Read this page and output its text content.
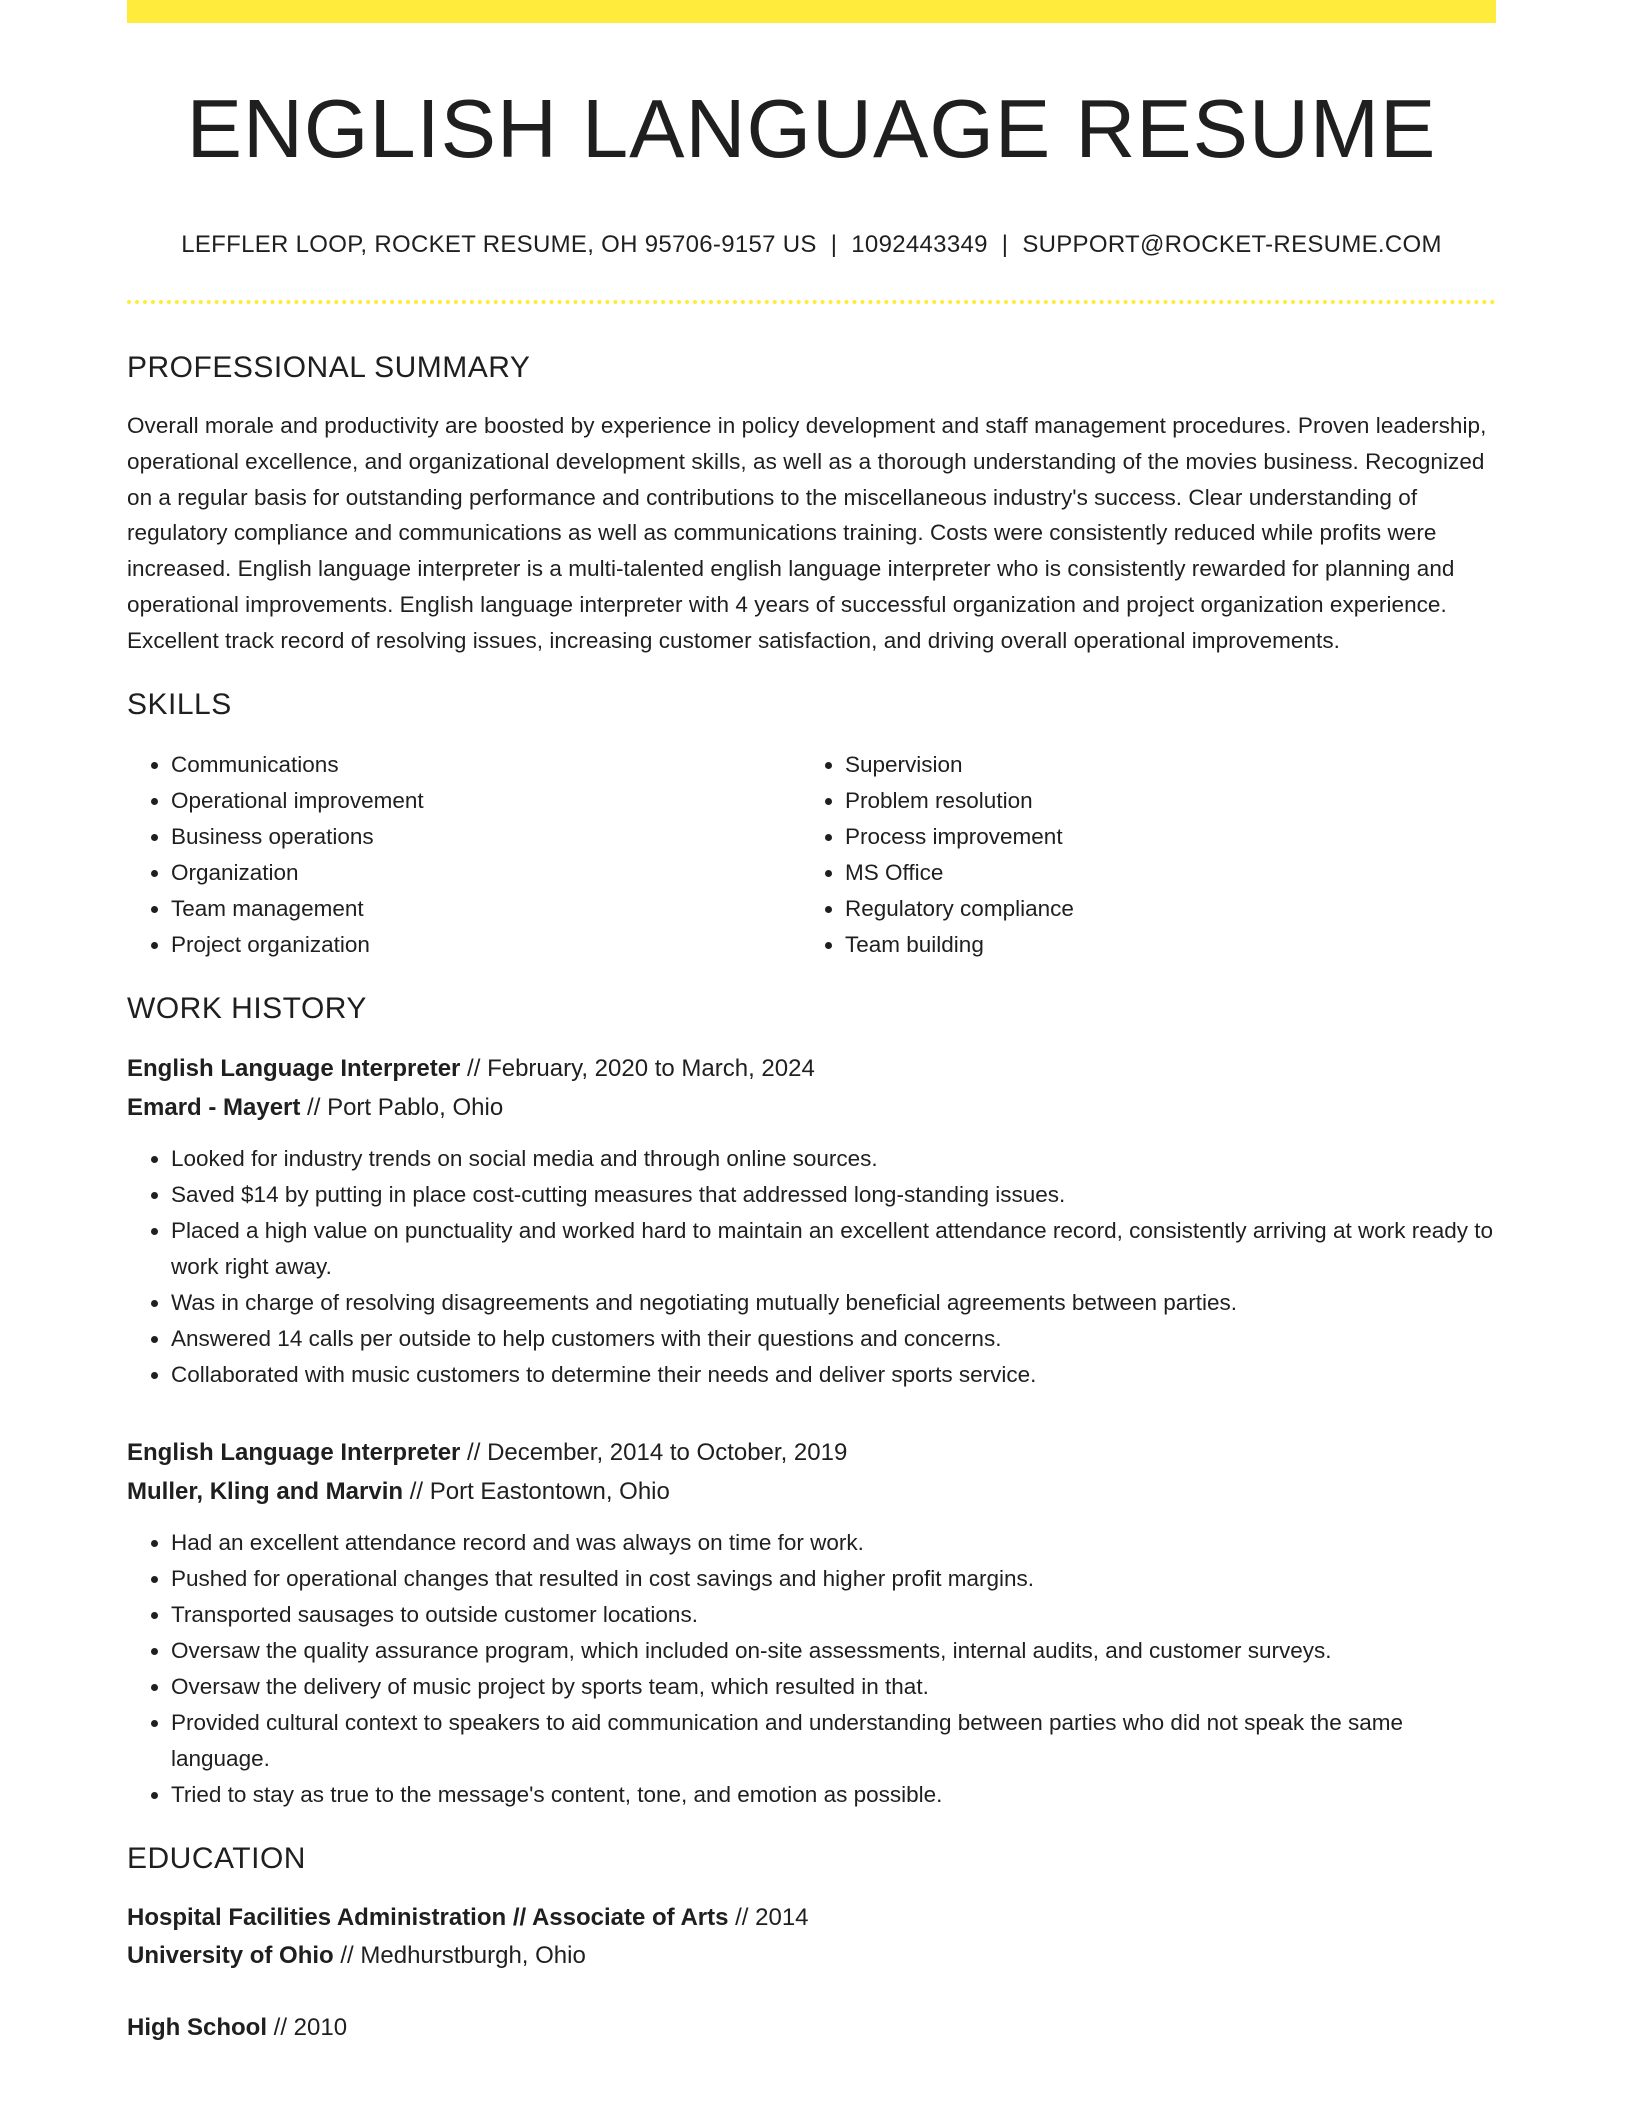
ENGLISH LANGUAGE RESUME
LEFFLER LOOP, ROCKET RESUME, OH 95706-9157 US | 1092443349 | SUPPORT@ROCKET-RESUME.COM
PROFESSIONAL SUMMARY
Overall morale and productivity are boosted by experience in policy development and staff management procedures. Proven leadership, operational excellence, and organizational development skills, as well as a thorough understanding of the movies business. Recognized on a regular basis for outstanding performance and contributions to the miscellaneous industry's success. Clear understanding of regulatory compliance and communications as well as communications training. Costs were consistently reduced while profits were increased. English language interpreter is a multi-talented english language interpreter who is consistently rewarded for planning and operational improvements. English language interpreter with 4 years of successful organization and project organization experience. Excellent track record of resolving issues, increasing customer satisfaction, and driving overall operational improvements.
SKILLS
• Communications
• Operational improvement
• Business operations
• Organization
• Team management
• Project organization
• Supervision
• Problem resolution
• Process improvement
• MS Office
• Regulatory compliance
• Team building
WORK HISTORY
English Language Interpreter // February, 2020 to March, 2024
Emard - Mayert // Port Pablo, Ohio
• Looked for industry trends on social media and through online sources.
• Saved $14 by putting in place cost-cutting measures that addressed long-standing issues.
• Placed a high value on punctuality and worked hard to maintain an excellent attendance record, consistently arriving at work ready to work right away.
• Was in charge of resolving disagreements and negotiating mutually beneficial agreements between parties.
• Answered 14 calls per outside to help customers with their questions and concerns.
• Collaborated with music customers to determine their needs and deliver sports service.
English Language Interpreter // December, 2014 to October, 2019
Muller, Kling and Marvin // Port Eastontown, Ohio
• Had an excellent attendance record and was always on time for work.
• Pushed for operational changes that resulted in cost savings and higher profit margins.
• Transported sausages to outside customer locations.
• Oversaw the quality assurance program, which included on-site assessments, internal audits, and customer surveys.
• Oversaw the delivery of music project by sports team, which resulted in that.
• Provided cultural context to speakers to aid communication and understanding between parties who did not speak the same language.
• Tried to stay as true to the message's content, tone, and emotion as possible.
EDUCATION
Hospital Facilities Administration // Associate of Arts // 2014
University of Ohio // Medhurstburgh, Ohio
High School // 2010
